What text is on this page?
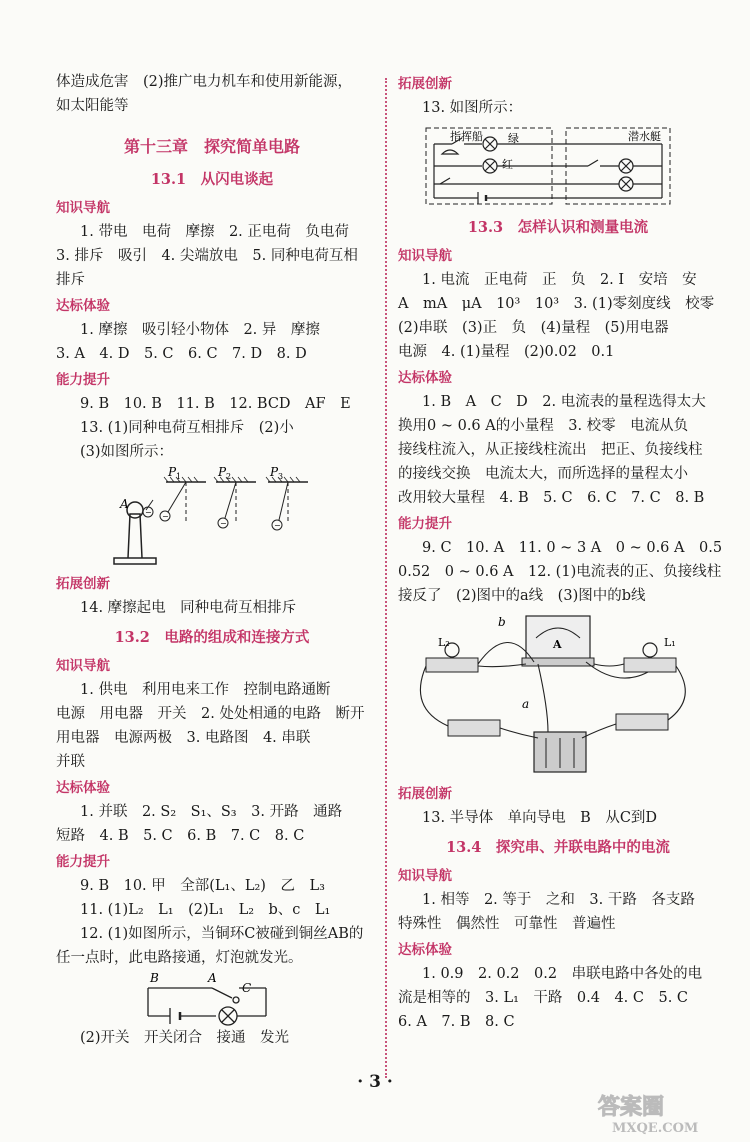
体造成危害　(2)推广电力机车和使用新能源，
如太阳能等
第十三章　探究简单电路
13.1　从闪电谈起
知识导航
1. 带电　电荷　摩擦　2. 正电荷　负电荷
3. 排斥　吸引　4. 尖端放电　5. 同种电荷互相
排斥
达标体验
1. 摩擦　吸引轻小物体　2. 异　摩擦
3. A　4. D　5. C　6. C　7. D　8. D
能力提升
9. B　10. B　11. B　12. BCD　AF　E
13. (1)同种电荷互相排斥　(2)小
(3)如图所示：
A
−
P 1	P 2	P 3
−
−	−
拓展创新
14. 摩擦起电　同种电荷互相排斥
13.2　电路的组成和连接方式
知识导航
1. 供电　利用电来工作　控制电路通断
电源　用电器　开关　2. 处处相通的电路　断开
用电器　电源两极　3. 电路图　4. 串联
并联
达标体验
1. 并联　2. S₂　S₁、S₃　3. 开路　通路
短路　4. B　5. C　6. B　7. C　8. C
能力提升
9. B　10. 甲　全部(L₁、L₂)　乙　L₃
11. (1)L₂　L₁　(2)L₁　L₂　b、c　L₁
12. (1)如图所示，当铜环C被碰到铜丝AB的
任一点时，此电路接通，灯泡就发光。
B	A
C
(2)开关　开关闭合　接通　发光
拓展创新
13. 如图所示：
指挥船	潜水艇
绿
红
13.3　怎样认识和测量电流
知识导航
1. 电流　正电荷　正　负　2. I　安培　安
A　mA　μA　10³　10³　3. (1)零刻度线　校零
(2)串联　(3)正　负　(4)量程　(5)用电器
电源　4. (1)量程　(2)0.02　0.1
达标体验
1. B　A　C　D　2. 电流表的量程选得太大
换用0 ~ 0.6 A的小量程　3. 校零　电流从负
接线柱流入，从正接线柱流出　把正、负接线柱
的接线交换　电流太大，而所选择的量程太小
改用较大量程　4. B　5. C　6. C　7. C　8. B
能力提升
9. C　10. A　11. 0 ~ 3 A　0 ~ 0.6 A　0.5
0.52　0 ~ 0.6 A　12. (1)电流表的正、负接线柱
接反了　(2)图中的a线　(3)图中的b线
A
L₂	L₁
b
a
拓展创新
13. 半导体　单向导电　B　从C到D
13.4　探究串、并联电路中的电流
知识导航
1. 相等　2. 等于　之和　3. 干路　各支路
特殊性　偶然性　可靠性　普遍性
达标体验
1. 0.9　2. 0.2　0.2　串联电路中各处的电
流是相等的　3. L₁　干路　0.4　4. C　5. C
6. A　7. B　8. C
· 3 ·
答案圈
MXQE.COM
